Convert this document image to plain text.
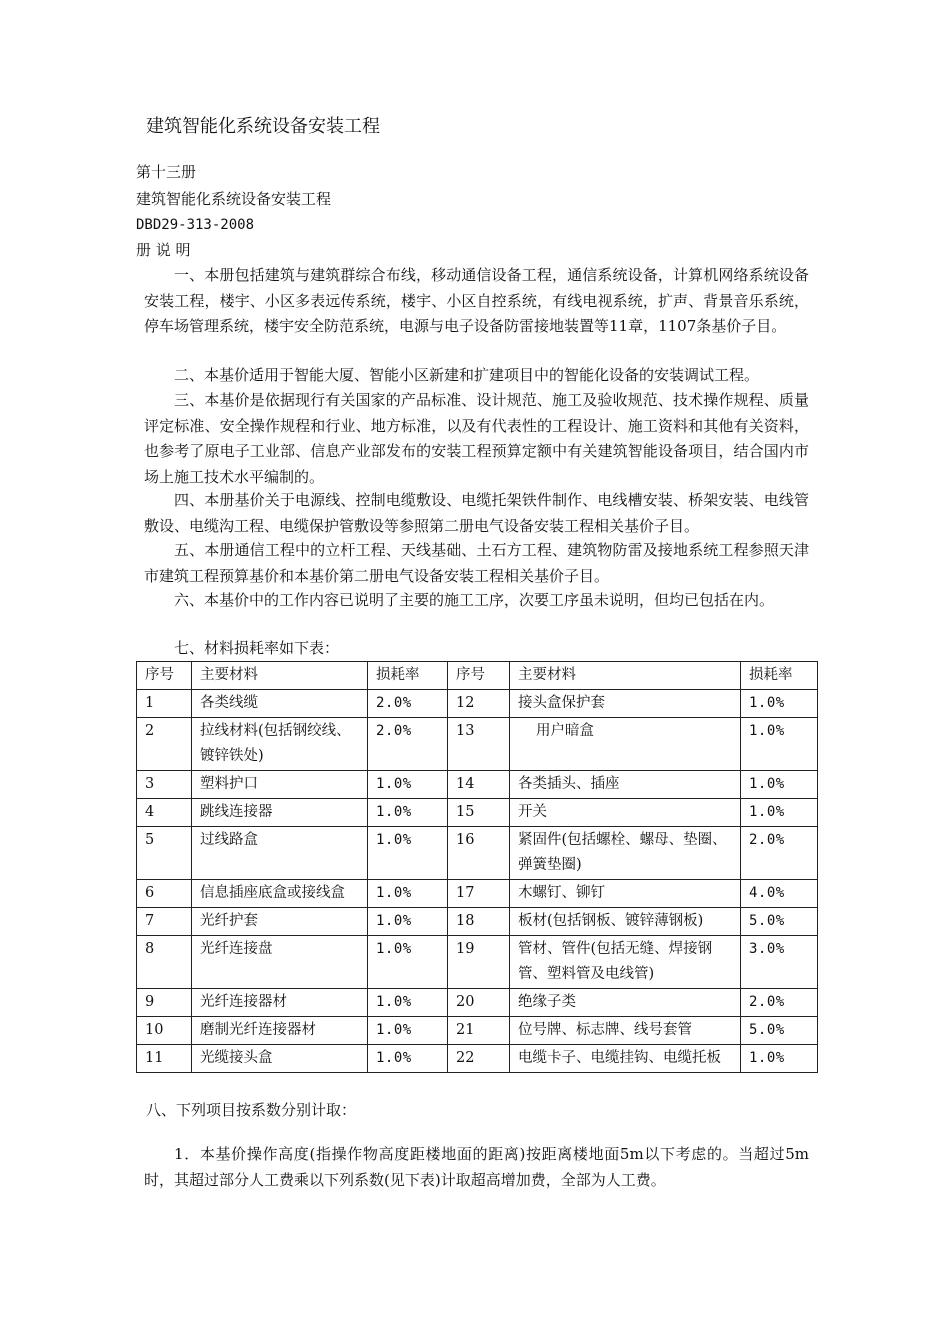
建筑智能化系统设备安装工程
第十三册
建筑智能化系统设备安装工程
DBD29-313-2008
册 说 明

一、本册包括建筑与建筑群综合布线，移动通信设备工程，通信系统设备，计算机网络系统设备安装工程，楼宇、小区多表远传系统，楼宇、小区自控系统，有线电视系统，扩声、背景音乐系统，停车场管理系统，楼宇安全防范系统，电源与电子设备防雷接地装置等11章，1107条基价子目。

二、本基价适用于智能大厦、智能小区新建和扩建项目中的智能化设备的安装调试工程。

三、本基价是依据现行有关国家的产品标准、设计规范、施工及验收规范、技术操作规程、质量评定标准、安全操作规程和行业、地方标准，以及有代表性的工程设计、施工资料和其他有关资料，也参考了原电子工业部、信息产业部发布的安装工程预算定额中有关建筑智能设备项目，结合国内市场上施工技术水平编制的。

四、本册基价关于电源线、控制电缆敷设、电缆托架铁件制作、电线槽安装、桥架安装、电线管敷设、电缆沟工程、电缆保护管敷设等参照第二册电气设备安装工程相关基价子目。

五、本册通信工程中的立杆工程、天线基础、土石方工程、建筑物防雷及接地系统工程参照天津市建筑工程预算基价和本基价第二册电气设备安装工程相关基价子目。

六、本基价中的工作内容已说明了主要的施工工序，次要工序虽未说明，但均已包括在内。

七、材料损耗率如下表：

序号	主要材料	损耗率	序号	主要材料	损耗率
1	各类线缆	2.0%	12	接头盒保护套	1.0%
2	拉线材料(包括钢绞线、镀锌铁处)	2.0%	13	用户暗盒	1.0%
3	塑料护口	1.0%	14	各类插头、插座	1.0%
4	跳线连接器	1.0%	15	开关	1.0%
5	过线路盒	1.0%	16	紧固件(包括螺栓、螺母、垫圈、弹簧垫圈)	2.0%
6	信息插座底盒或接线盒	1.0%	17	木螺钉、铆钉	4.0%
7	光纤护套	1.0%	18	板材(包括钢板、镀锌薄钢板)	5.0%
8	光纤连接盘	1.0%	19	管材、管件(包括无缝、焊接钢管、塑料管及电线管)	3.0%
9	光纤连接器材	1.0%	20	绝缘子类	2.0%
10	磨制光纤连接器材	1.0%	21	位号牌、标志牌、线号套管	5.0%
11	光缆接头盒	1.0%	22	电缆卡子、电缆挂钩、电缆托板	1.0%

八、下列项目按系数分别计取：

1．本基价操作高度(指操作物高度距楼地面的距离)按距离楼地面5m以下考虑的。当超过5m时，其超过部分人工费乘以下列系数(见下表)计取超高增加费，全部为人工费。
